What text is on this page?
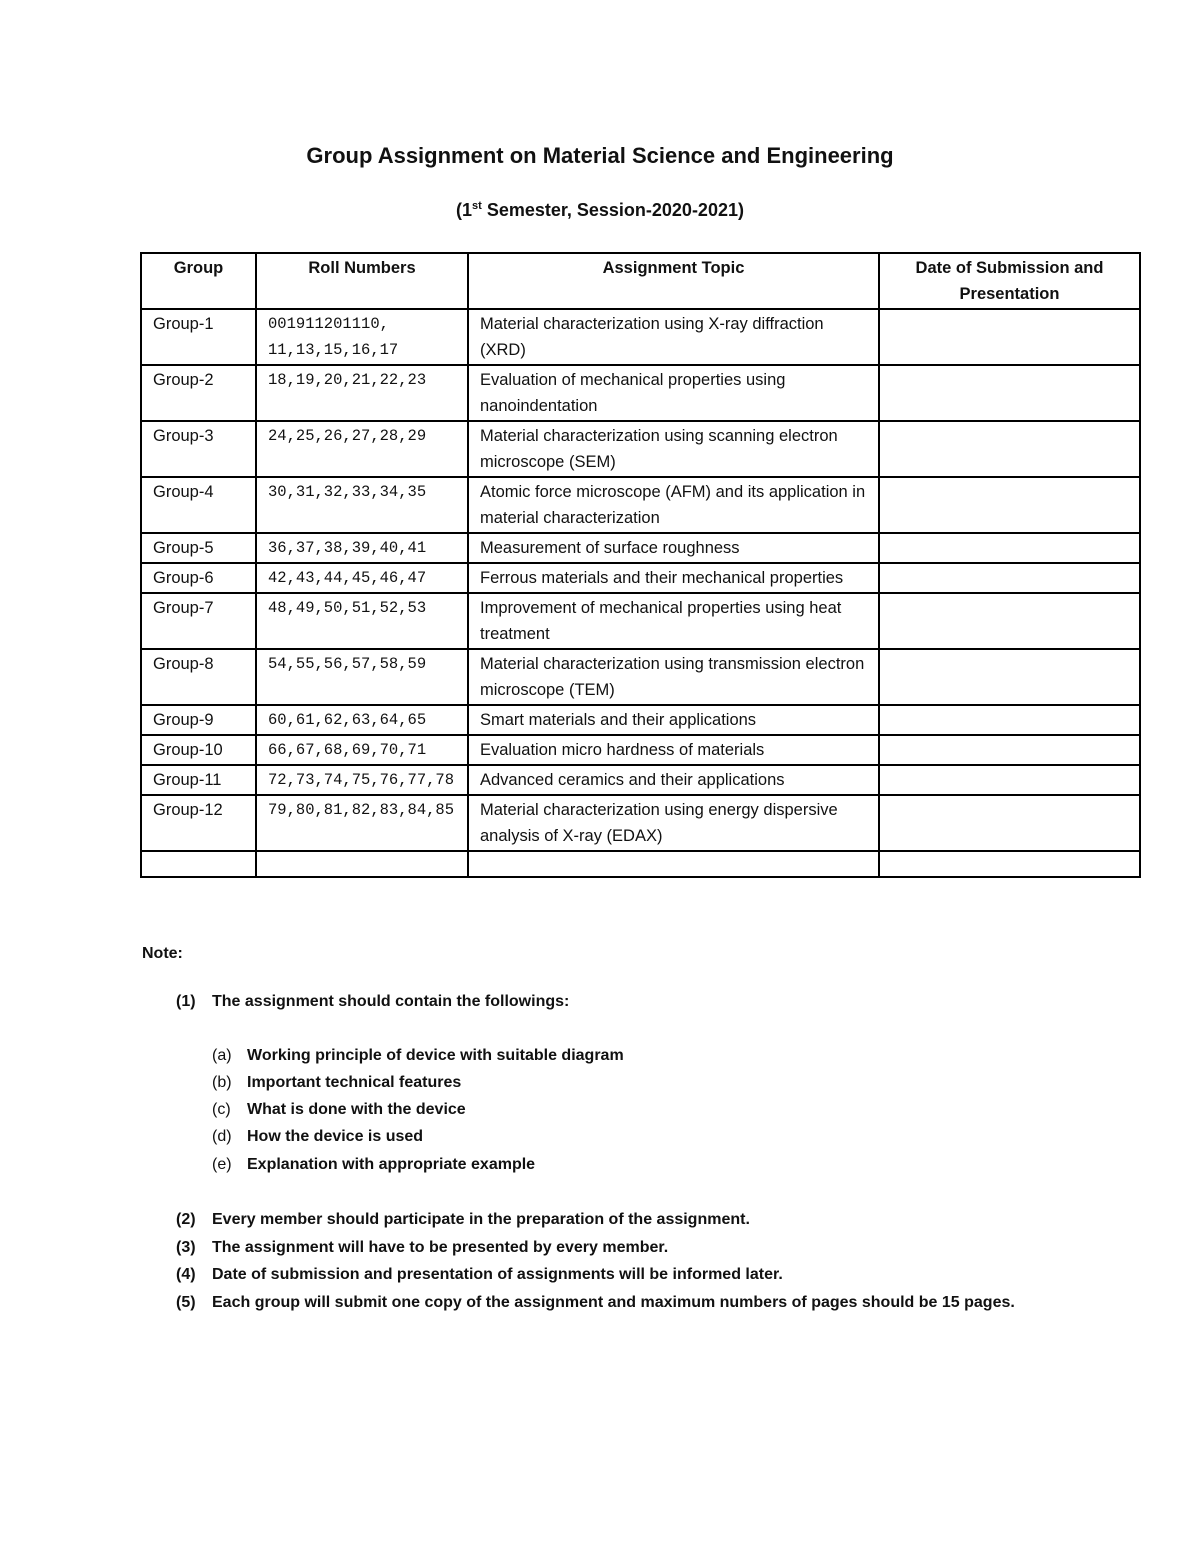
Group Assignment on Material Science and Engineering
(1st Semester, Session-2020-2021)
Group	Roll Numbers	Assignment Topic	Date of Submission and Presentation
Group-1	001911201110, 11,13,15,16,17	Material characterization using X-ray diffraction (XRD)	
Group-2	18,19,20,21,22,23	Evaluation of mechanical properties using nanoindentation	
Group-3	24,25,26,27,28,29	Material characterization using scanning electron microscope (SEM)	
Group-4	30,31,32,33,34,35	Atomic force microscope (AFM) and its application in material characterization	
Group-5	36,37,38,39,40,41	Measurement of surface roughness	
Group-6	42,43,44,45,46,47	Ferrous materials and their mechanical properties	
Group-7	48,49,50,51,52,53	Improvement of mechanical properties using heat treatment	
Group-8	54,55,56,57,58,59	Material characterization using transmission electron microscope (TEM)	
Group-9	60,61,62,63,64,65	Smart materials and their applications	
Group-10	66,67,68,69,70,71	Evaluation micro hardness of materials	
Group-11	72,73,74,75,76,77,78	Advanced ceramics and their applications	
Group-12	79,80,81,82,83,84,85	Material characterization using energy dispersive analysis of X-ray (EDAX)	

Note:
(1) The assignment should contain the followings:
(a) Working principle of device with suitable diagram
(b) Important technical features
(c) What is done with the device
(d) How the device is used
(e) Explanation with appropriate example
(2) Every member should participate in the preparation of the assignment.
(3) The assignment will have to be presented by every member.
(4) Date of submission and presentation of assignments will be informed later.
(5) Each group will submit one copy of the assignment and maximum numbers of pages should be 15 pages.
